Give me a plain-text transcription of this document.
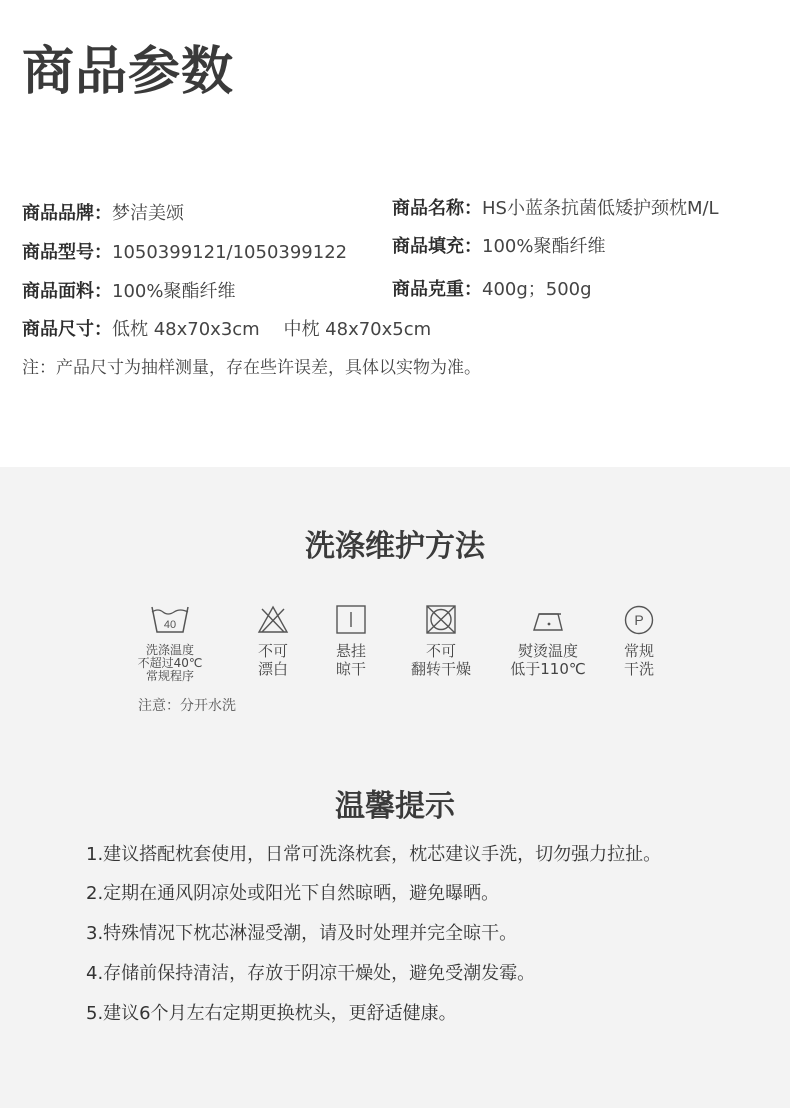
商品参数
商品品牌：梦洁美颂	商品名称：HS小蓝条抗菌低矮护颈枕M/L
商品型号：1050399121/1050399122 商品填充：100%聚酯纤维
商品面料：100%聚酯纤维	商品克重：400g；500g
商品尺寸：低枕 48x70x3cm　 中枕 48x70x5cm
注：产品尺寸为抽样测量，存在些许误差，具体以实物为准。
洗涤维护方法
40
洗涤温度
不超过40℃
常规程序
不可
漂白
悬挂
晾干
不可
翻转干燥
熨烫温度
低于110℃
P
常规
干洗
注意：分开水洗
温馨提示
1.建议搭配枕套使用，日常可洗涤枕套，枕芯建议手洗，切勿强力拉扯。
2.定期在通风阴凉处或阳光下自然晾晒，避免曝晒。
3.特殊情况下枕芯淋湿受潮，请及时处理并完全晾干。
4.存储前保持清洁，存放于阴凉干燥处，避免受潮发霉。
5.建议6个月左右定期更换枕头，更舒适健康。
